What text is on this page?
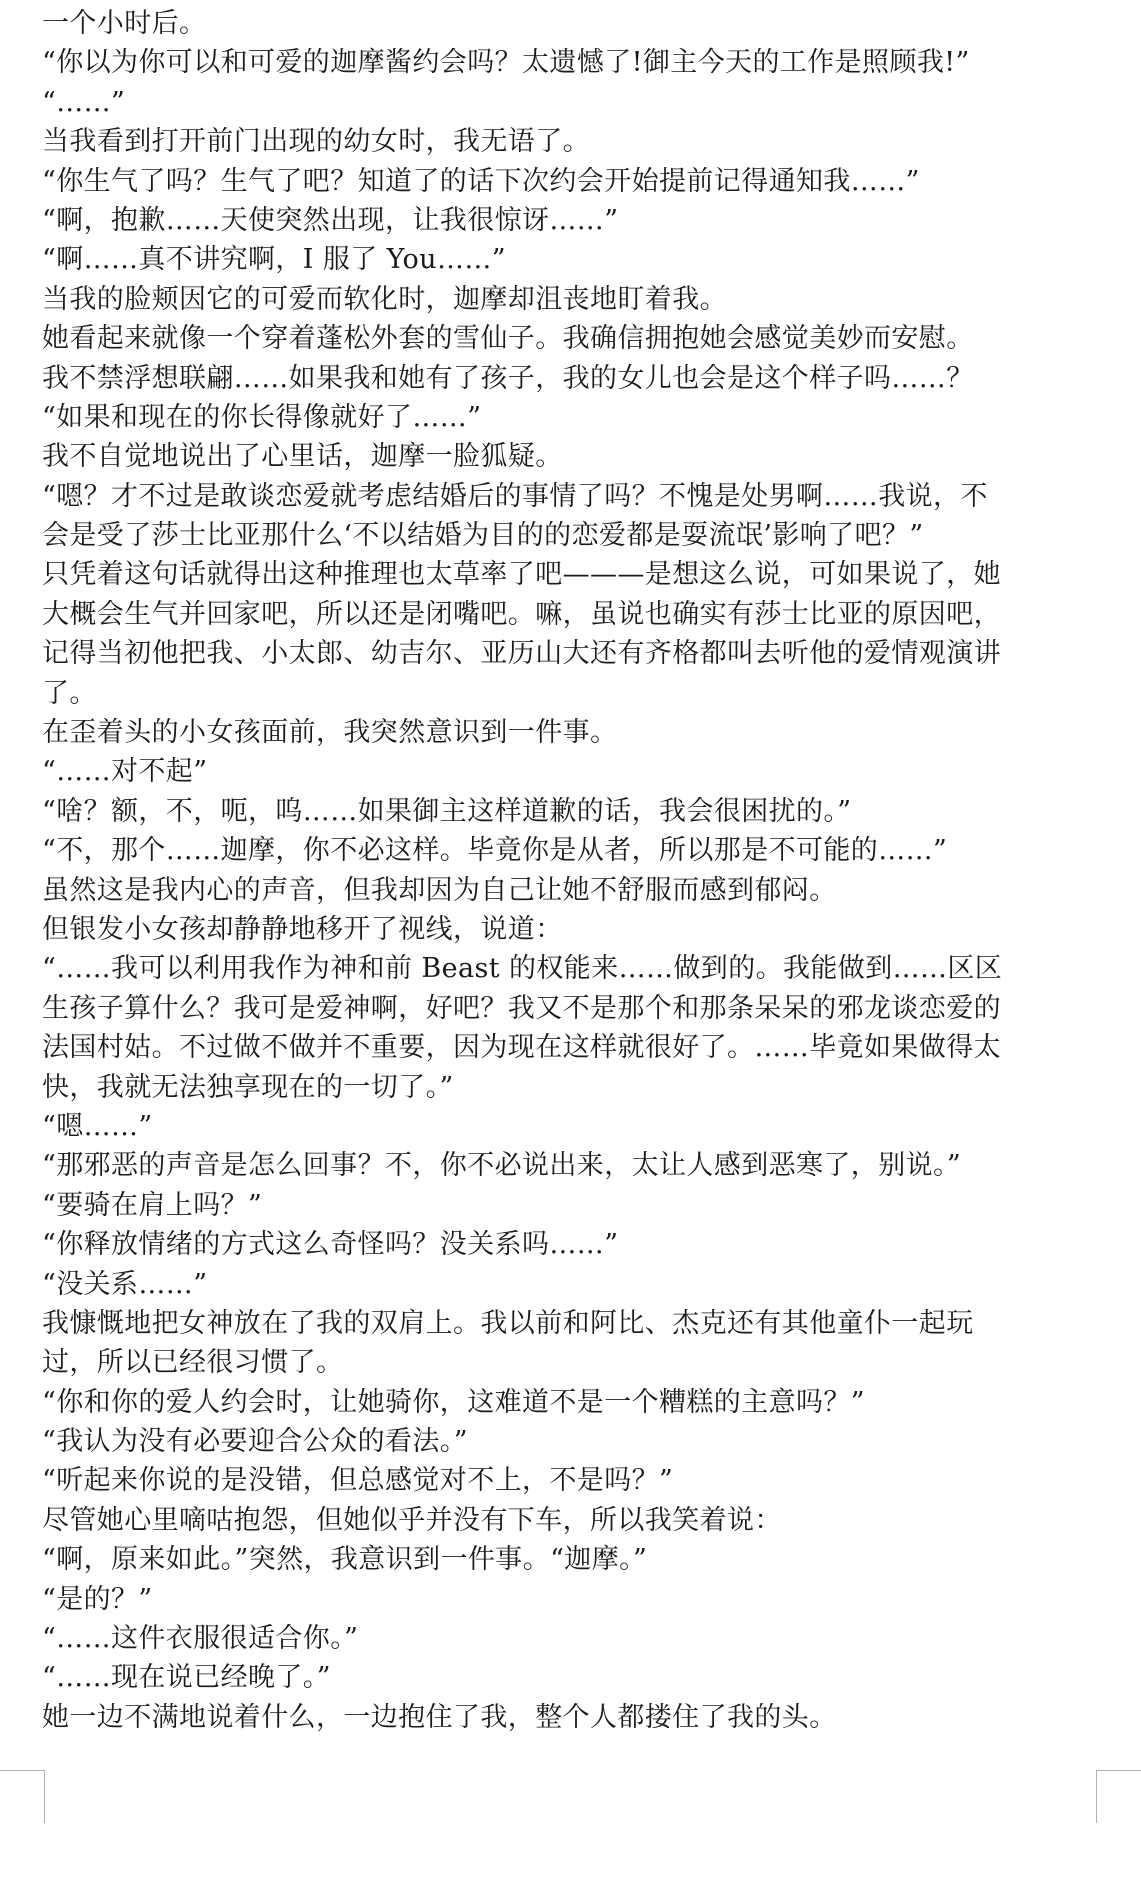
一个小时后。
“你以为你可以和可爱的迦摩酱约会吗？太遗憾了!御主今天的工作是照顾我!”
“……”
当我看到打开前门出现的幼女时，我无语了。
“你生气了吗？生气了吧？知道了的话下次约会开始提前记得通知我……”
“啊，抱歉……天使突然出现，让我很惊讶……”
“啊……真不讲究啊，I 服了 You……”
当我的脸颊因它的可爱而软化时，迦摩却沮丧地盯着我。
她看起来就像一个穿着蓬松外套的雪仙子。我确信拥抱她会感觉美妙而安慰。
我不禁浮想联翩……如果我和她有了孩子，我的女儿也会是这个样子吗……？
“如果和现在的你长得像就好了……”
我不自觉地说出了心里话，迦摩一脸狐疑。
“嗯？才不过是敢谈恋爱就考虑结婚后的事情了吗？不愧是处男啊……我说，不
会是受了莎士比亚那什么‘不以结婚为目的的恋爱都是耍流氓’影响了吧？”
只凭着这句话就得出这种推理也太草率了吧———是想这么说，可如果说了，她
大概会生气并回家吧，所以还是闭嘴吧。嘛，虽说也确实有莎士比亚的原因吧，
记得当初他把我、小太郎、幼吉尔、亚历山大还有齐格都叫去听他的爱情观演讲
了。
在歪着头的小女孩面前，我突然意识到一件事。
“……对不起”
“啥？额，不，呃，呜……如果御主这样道歉的话，我会很困扰的。”
“不，那个……迦摩，你不必这样。毕竟你是从者，所以那是不可能的……”
虽然这是我内心的声音，但我却因为自己让她不舒服而感到郁闷。
但银发小女孩却静静地移开了视线，说道：
“……我可以利用我作为神和前 Beast 的权能来……做到的。我能做到……区区
生孩子算什么？我可是爱神啊，好吧？我又不是那个和那条呆呆的邪龙谈恋爱的
法国村姑。不过做不做并不重要，因为现在这样就很好了。……毕竟如果做得太
快，我就无法独享现在的一切了。”
“嗯……”
“那邪恶的声音是怎么回事？不，你不必说出来，太让人感到恶寒了，别说。”
“要骑在肩上吗？”
“你释放情绪的方式这么奇怪吗？没关系吗……”
“没关系……”
我慷慨地把女神放在了我的双肩上。我以前和阿比、杰克还有其他童仆一起玩
过，所以已经很习惯了。
“你和你的爱人约会时，让她骑你，这难道不是一个糟糕的主意吗？”
“我认为没有必要迎合公众的看法。”
“听起来你说的是没错，但总感觉对不上，不是吗？”
尽管她心里嘀咕抱怨，但她似乎并没有下车，所以我笑着说：
“啊，原来如此。”突然，我意识到一件事。“迦摩。”
“是的？”
“……这件衣服很适合你。”
“……现在说已经晚了。”
她一边不满地说着什么，一边抱住了我，整个人都搂住了我的头。
